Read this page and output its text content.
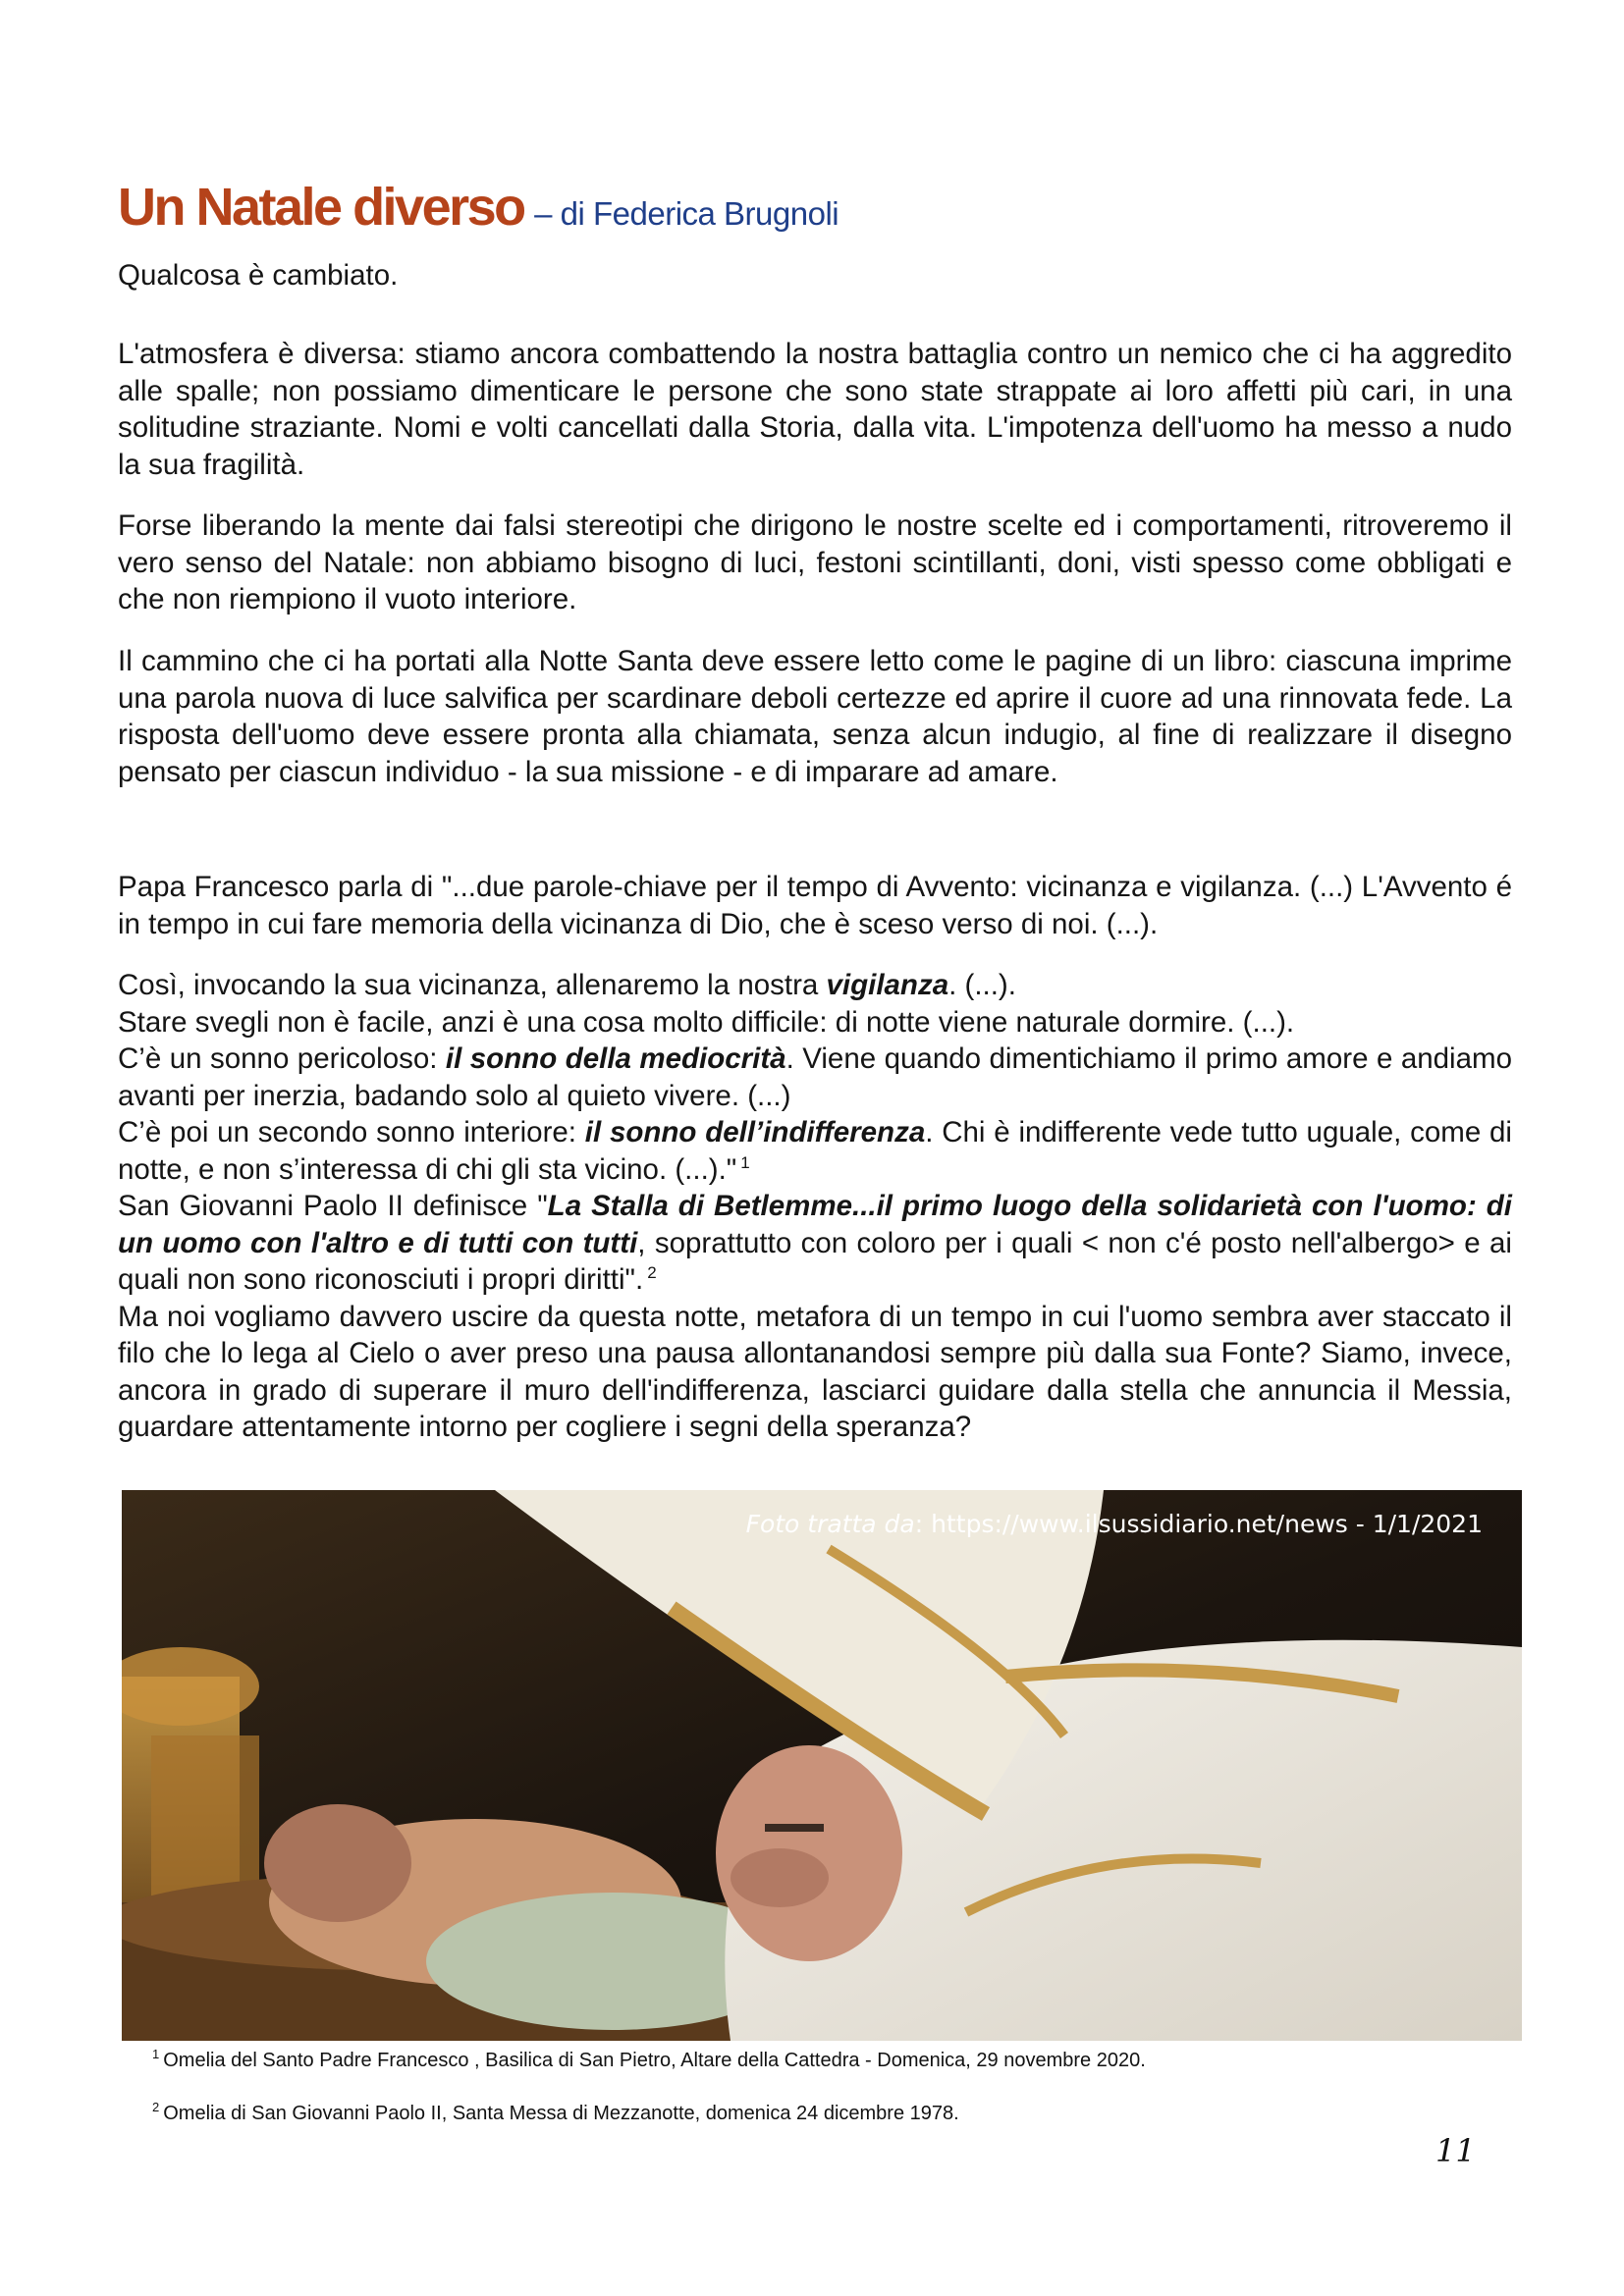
Un Natale diverso – di Federica Brugnoli

Qualcosa è cambiato.

L'atmosfera è diversa: stiamo ancora combattendo la nostra battaglia contro un nemico che ci ha aggredito alle spalle; non possiamo dimenticare le persone che sono state strappate ai loro affetti più cari, in una solitudine straziante. Nomi e volti cancellati dalla Storia, dalla vita. L'impotenza dell'uomo ha messo a nudo la sua fragilità.

Forse liberando la mente dai falsi stereotipi che dirigono le nostre scelte ed i comportamenti, ritroveremo il vero senso del Natale: non abbiamo bisogno di luci, festoni scintillanti, doni, visti spesso come obbligati e che non riempiono il vuoto interiore.

Il cammino che ci ha portati alla Notte Santa deve essere letto come le pagine di un libro: ciascuna imprime una parola nuova di luce salvifica per scardinare deboli certezze ed aprire il cuore ad una rinnovata fede. La risposta dell'uomo deve essere pronta alla chiamata, senza alcun indugio, al fine di realizzare il disegno pensato per ciascun individuo - la sua missione - e di imparare ad amare.

Papa Francesco parla di "...due parole-chiave per il tempo di Avvento: vicinanza e vigilanza. (...) L'Avvento é in tempo in cui fare memoria della vicinanza di Dio, che è sceso verso di noi. (...).

Così, invocando la sua vicinanza, allenaremo la nostra vigilanza. (...).

Stare svegli non è facile, anzi è una cosa molto difficile: di notte viene naturale dormire. (...).

C’è un sonno pericoloso: il sonno della mediocrità. Viene quando dimentichiamo il primo amore e andiamo avanti per inerzia, badando solo al quieto vivere. (...)

C’è poi un secondo sonno interiore: il sonno dell’indifferenza. Chi è indifferente vede tutto uguale, come di notte, e non s’interessa di chi gli sta vicino. (...)." $^1$

San Giovanni Paolo II definisce "La Stalla di Betlemme...il primo luogo della solidarietà con l'uomo: di un uomo con l'altro e di tutti con tutti, soprattutto con coloro per i quali < non c'é posto nell'albergo> e ai quali non sono riconosciuti i propri diritti". $^2$

Ma noi vogliamo davvero uscire da questa notte, metafora di un tempo in cui l'uomo sembra aver staccato il filo che lo lega al Cielo o aver preso una pausa allontanandosi sempre più dalla sua Fonte? Siamo, invece, ancora in grado di superare il muro dell'indifferenza, lasciarci guidare dalla stella che annuncia il Messia, guardare attentamente intorno per cogliere i segni della speranza?

Foto tratta da: https://www.ilsussidiario.net/news - 1/1/2021
$^1$ Omelia del Santo Padre Francesco , Basilica di San Pietro, Altare della Cattedra - Domenica, 29 novembre 2020.
$^2$ Omelia di San Giovanni Paolo II, Santa Messa di Mezzanotte, domenica 24 dicembre 1978.
11
